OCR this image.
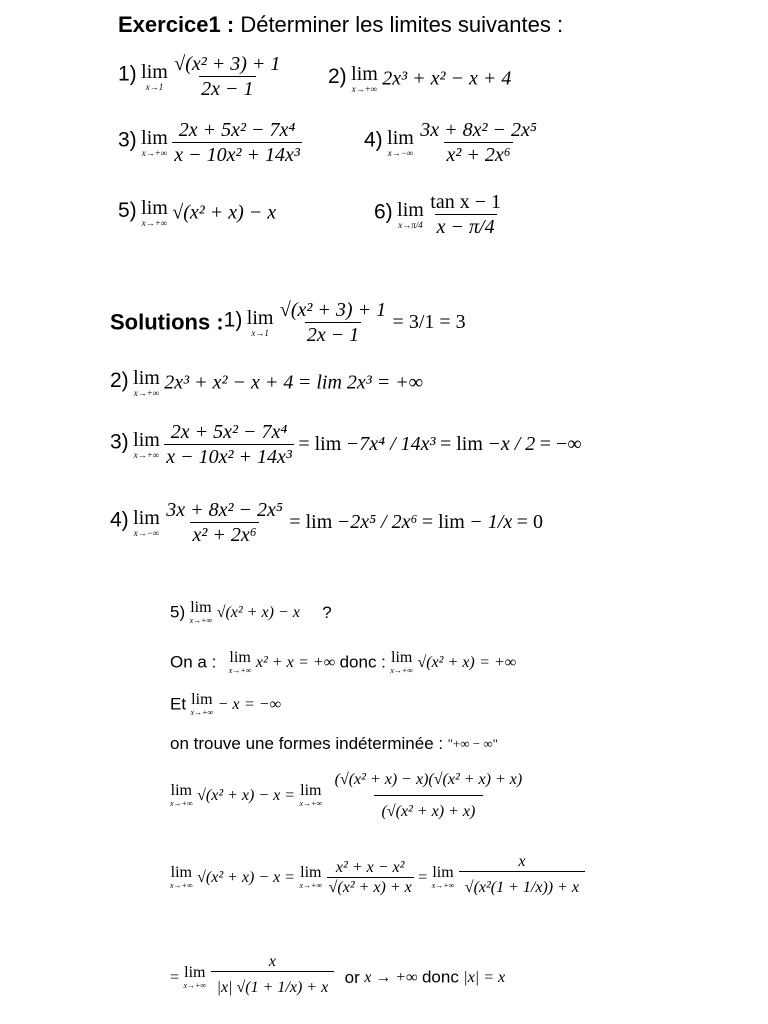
Exercice1 : Déterminer les limites suivantes :
1) lim
x→1
$\frac{\text{√(x² + 3) + 1}}{2x - 1} 2$) lim
x→+∞ 2x³ + x² − x + 4
3) lim
x→+∞
$\frac{\text{2x + 5x² − 7x⁴}}{\text{x − 10x² + 14x³}}$	4) lim
x→−∞
$\frac{\text{3x + 8x² − 2x⁵}}{\text{x² + 2x⁶}}$
5) lim
x→+∞ √(x² + x) − x	6) lim
x→π/4
$\frac{\text{tan x − 1}}{x - \pi/4}$
Solutions :1) lim
x→1
$\frac{\text{√(x² + 3) + 1}}{2x - 1} = 3/1 = 3$
2) lim
x→+∞ 2x³ + x² − x + 4 = lim 2x³ = +∞
3) lim
x→+∞
$\frac{\text{2x + 5x² − 7x⁴}}{\text{x − 10x² + 14x³}} = \lim -7x^4 / 14x^3 = \lim -x / 2$ = −∞
4) lim
x→−∞
$\frac{\text{3x + 8x² − 2x⁵}}{\text{x² + 2x⁶}} = \lim -2x^5 / 2x^6 = \lim - 1/x = 0$
5) lim
x→+∞ √(x² + x) − x ?
On a : lim
x→+∞ x² + x = +∞ donc : lim
x→+∞ √(x² + x) = +∞
Et lim
x→+∞ − x = −∞
on trouve une formes indéterminée : "+∞ − ∞"
lim
x→+∞ √(x² + x) − x = lim
x→+∞
$\frac{\text{(√(x² + x) − x)(√(x² + x) + x)}}{\text{(√(x² + x) + x)}}$
lim
x→+∞ √(x² + x) − x = lim
x→+∞
$\frac{\text{x² + x − x²}}{\text{√(x² + x) + x}} = \lim$
x→+∞
$\frac{x}{\text{√(x²(1 + 1/x)) + x}}$
= lim
x→+∞
$\frac{x}{|x| √(1 + 1/x) + x}$ or x → +∞ donc |x| = x
